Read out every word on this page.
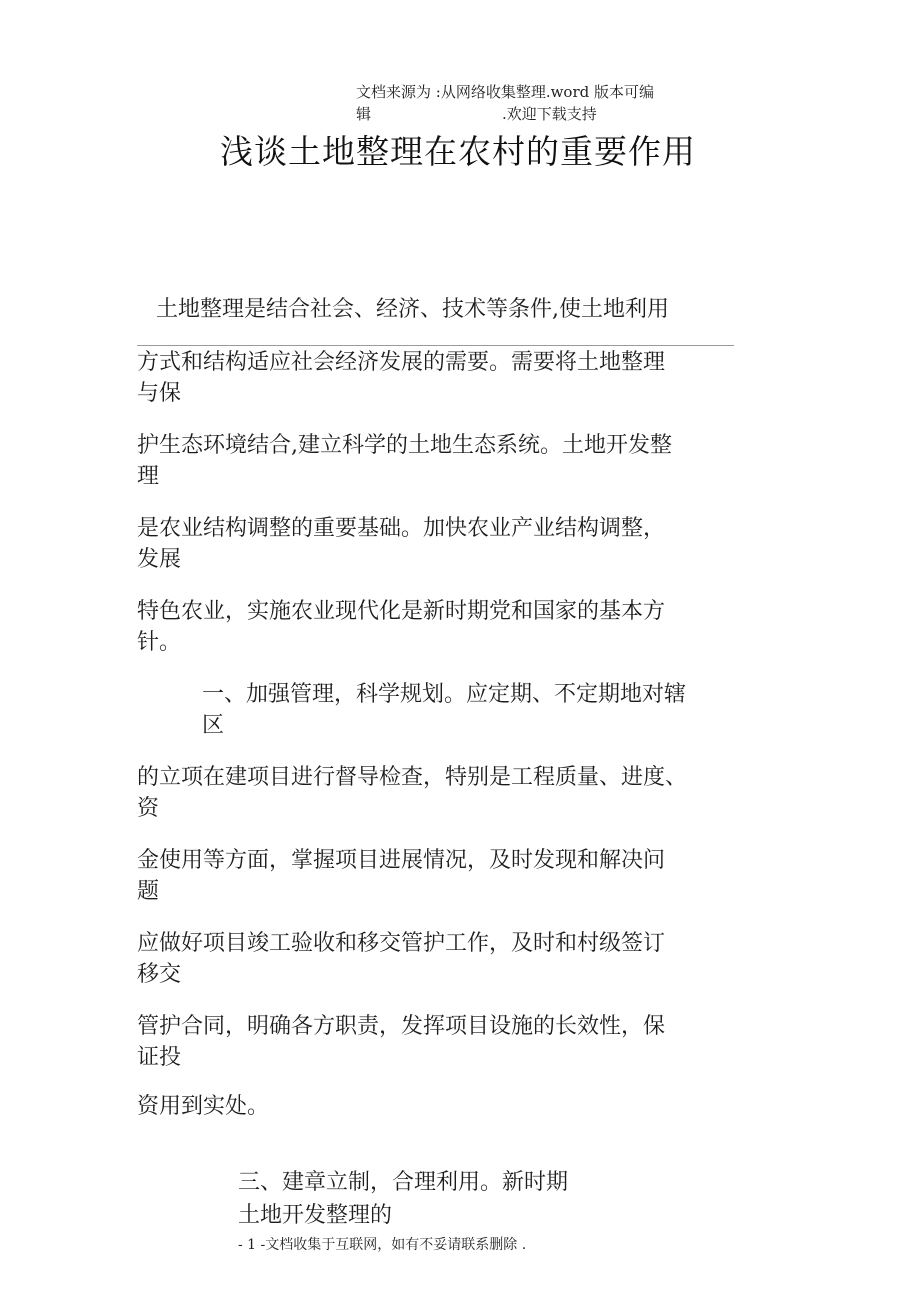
文档来源为 :从网络收集整理.word 版本可编
辑	.欢迎下载支持
浅谈土地整理在农村的重要作用
土地整理是结合社会、经济、技术等条件,使土地利用
方式和结构适应社会经济发展的需要。需要将土地整理
与保
护生态环境结合,建立科学的土地生态系统。土地开发整
理
是农业结构调整的重要基础。加快农业产业结构调整，
发展
特色农业，实施农业现代化是新时期党和国家的基本方
针。
一、加强管理，科学规划。应定期、不定期地对辖
区
的立项在建项目进行督导检查，特别是工程质量、进度、
资
金使用等方面，掌握项目进展情况，及时发现和解决问
题
应做好项目竣工验收和移交管护工作，及时和村级签订
移交
管护合同，明确各方职责，发挥项目设施的长效性，保
证投
资用到实处。
三、建章立制，合理利用。新时期
土地开发整理的
- 1 -文档收集于互联网，如有不妥请联系删除 .
